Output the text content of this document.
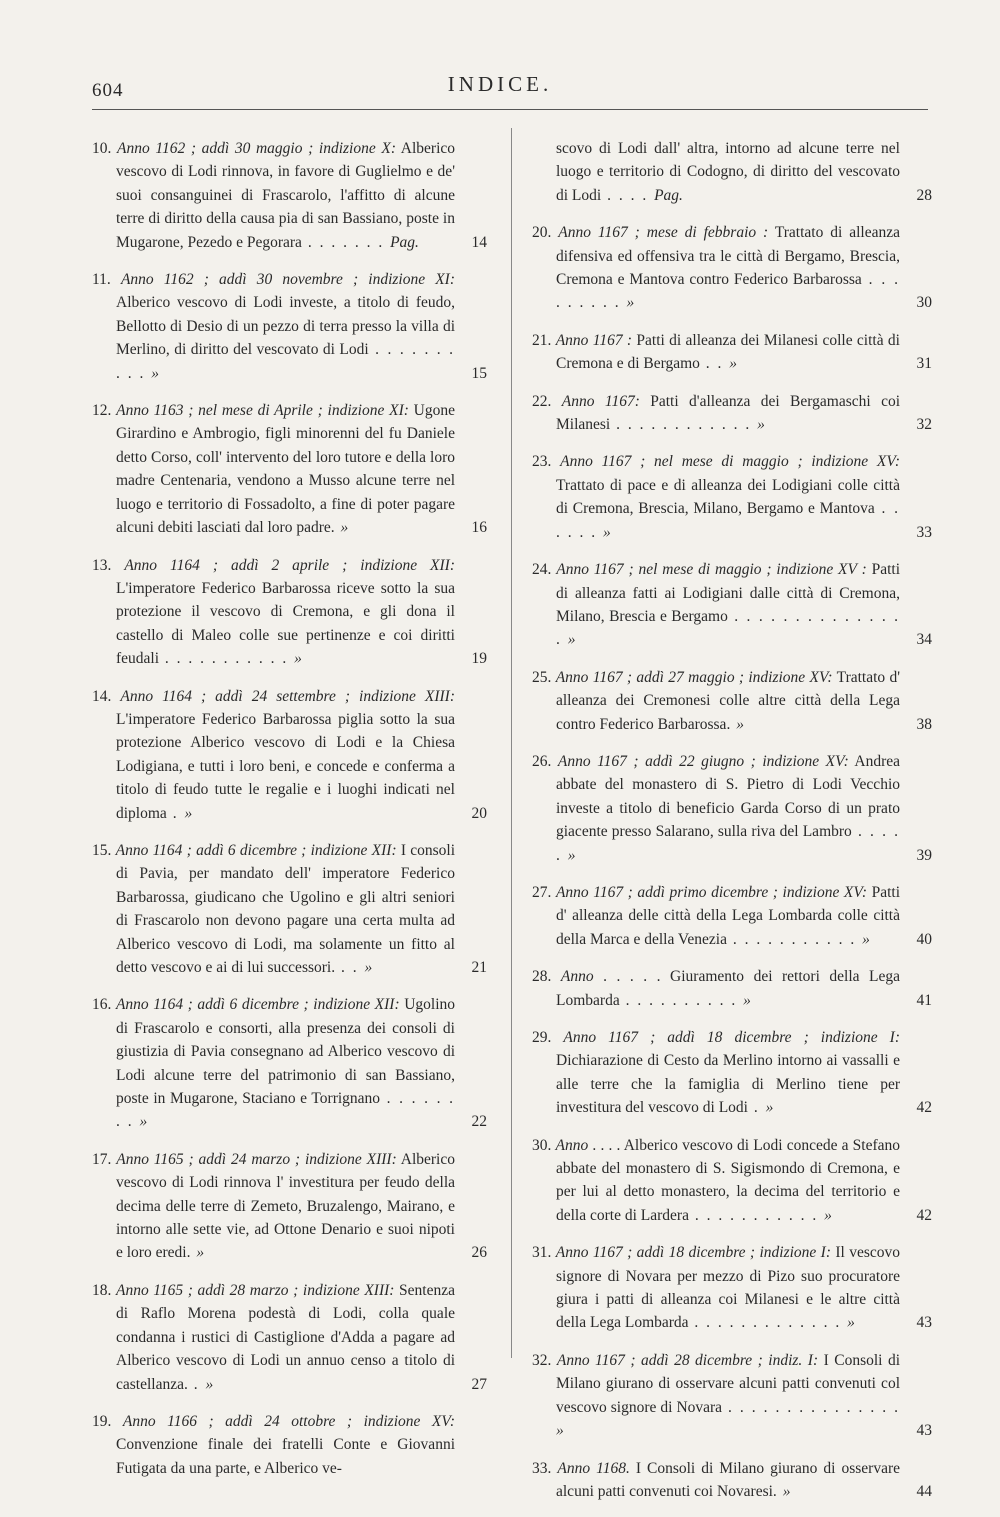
604	INDICE.
10. Anno 1162 ; addì 30 maggio ; indizione X: Alberico vescovo di Lodi rinnova, in favore di Guglielmo e de' suoi consanguinei di Frascarolo, l'affitto di alcune terre di diritto della causa pia di san Bassiano, poste in Mugarone, Pezedo e Pegorara . . . . . . . Pag.	14
11. Anno 1162 ; addì 30 novembre ; indizione XI: Alberico vescovo di Lodi investe, a titolo di feudo, Bellotto di Desio di un pezzo di terra presso la villa di Merlino, di diritto del vescovato di Lodi . . . . . . . . . . »	15
12. Anno 1163 ; nel mese di Aprile ; indizione XI: Ugone Girardino e Ambrogio, figli minorenni del fu Daniele detto Corso, coll' intervento del loro tutore e della loro madre Centenaria, vendono a Musso alcune terre nel luogo e territorio di Fossadolto, a fine di poter pagare alcuni debiti lasciati dal loro padre. »	16
13. Anno 1164 ; addì 2 aprile ; indizione XII: L'imperatore Federico Barbarossa riceve sotto la sua protezione il vescovo di Cremona, e gli dona il castello di Maleo colle sue pertinenze e coi diritti feudali . . . . . . . . . . . »	19
14. Anno 1164 ; addì 24 settembre ; indizione XIII: L'imperatore Federico Barbarossa piglia sotto la sua protezione Alberico vescovo di Lodi e la Chiesa Lodigiana, e tutti i loro beni, e concede e conferma a titolo di feudo tutte le regalie e i luoghi indicati nel diploma . »	20
15. Anno 1164 ; addì 6 dicembre ; indizione XII: I consoli di Pavia, per mandato dell' imperatore Federico Barbarossa, giudicano che Ugolino e gli altri seniori di Frascarolo non devono pagare una certa multa ad Alberico vescovo di Lodi, ma solamente un fitto al detto vescovo e ai di lui successori. . . »	21
16. Anno 1164 ; addì 6 dicembre ; indizione XII: Ugolino di Frascarolo e consorti, alla presenza dei consoli di giustizia di Pavia consegnano ad Alberico vescovo di Lodi alcune terre del patrimonio di san Bassiano, poste in Mugarone, Staciano e Torrignano . . . . . . . . »	22
17. Anno 1165 ; addì 24 marzo ; indizione XIII: Alberico vescovo di Lodi rinnova l' investitura per feudo della decima delle terre di Zemeto, Bruzalengo, Mairano, e intorno alle sette vie, ad Ottone Denario e suoi nipoti e loro eredi. »	26
18. Anno 1165 ; addì 28 marzo ; indizione XIII: Sentenza di Raflo Morena podestà di Lodi, colla quale condanna i rustici di Castiglione d'Adda a pagare ad Alberico vescovo di Lodi un annuo censo a titolo di castellanza. . »	27
19. Anno 1166 ; addì 24 ottobre ; indizione XV: Convenzione finale dei fratelli Conte e Giovanni Futigata da una parte, e Alberico ve-
scovo di Lodi dall' altra, intorno ad alcune terre nel luogo e territorio di Codogno, di diritto del vescovato di Lodi . . . . Pag.	28
20. Anno 1167 ; mese di febbraio : Trattato di alleanza difensiva ed offensiva tra le città di Bergamo, Brescia, Cremona e Mantova contro Federico Barbarossa . . . . . . . . . »	30
21. Anno 1167 : Patti di alleanza dei Milanesi colle città di Cremona e di Bergamo . . »	31
22. Anno 1167: Patti d'alleanza dei Bergamaschi coi Milanesi . . . . . . . . . . . . »	32
23. Anno 1167 ; nel mese di maggio ; indizione XV: Trattato di pace e di alleanza dei Lodigiani colle città di Cremona, Brescia, Milano, Bergamo e Mantova . . . . . . »	33
24. Anno 1167 ; nel mese di maggio ; indizione XV : Patti di alleanza fatti ai Lodigiani dalle città di Cremona, Milano, Brescia e Bergamo . . . . . . . . . . . . . . . »	34
25. Anno 1167 ; addì 27 maggio ; indizione XV: Trattato d' alleanza dei Cremonesi colle altre città della Lega contro Federico Barbarossa. »	38
26. Anno 1167 ; addì 22 giugno ; indizione XV: Andrea abbate del monastero di S. Pietro di Lodi Vecchio investe a titolo di beneficio Garda Corso di un prato giacente presso Salarano, sulla riva del Lambro . . . . . »	39
27. Anno 1167 ; addì primo dicembre ; indizione XV: Patti d' alleanza delle città della Lega Lombarda colle città della Marca e della Venezia . . . . . . . . . . . »	40
28. Anno . . . . . Giuramento dei rettori della Lega Lombarda . . . . . . . . . . »	41
29. Anno 1167 ; addì 18 dicembre ; indizione I: Dichiarazione di Cesto da Merlino intorno ai vassalli e alle terre che la famiglia di Merlino tiene per investitura del vescovo di Lodi . »	42
30. Anno . . . . Alberico vescovo di Lodi concede a Stefano abbate del monastero di S. Sigismondo di Cremona, e per lui al detto monastero, la decima del territorio e della corte di Lardera . . . . . . . . . . . »	42
31. Anno 1167 ; addì 18 dicembre ; indizione I: Il vescovo signore di Novara per mezzo di Pizo suo procuratore giura i patti di alleanza coi Milanesi e le altre città della Lega Lombarda . . . . . . . . . . . . . »	43
32. Anno 1167 ; addì 28 dicembre ; indiz. I: I Consoli di Milano giurano di osservare alcuni patti convenuti col vescovo signore di Novara . . . . . . . . . . . . . . . »	43
33. Anno 1168. I Consoli di Milano giurano di osservare alcuni patti convenuti coi Novaresi. »	44
